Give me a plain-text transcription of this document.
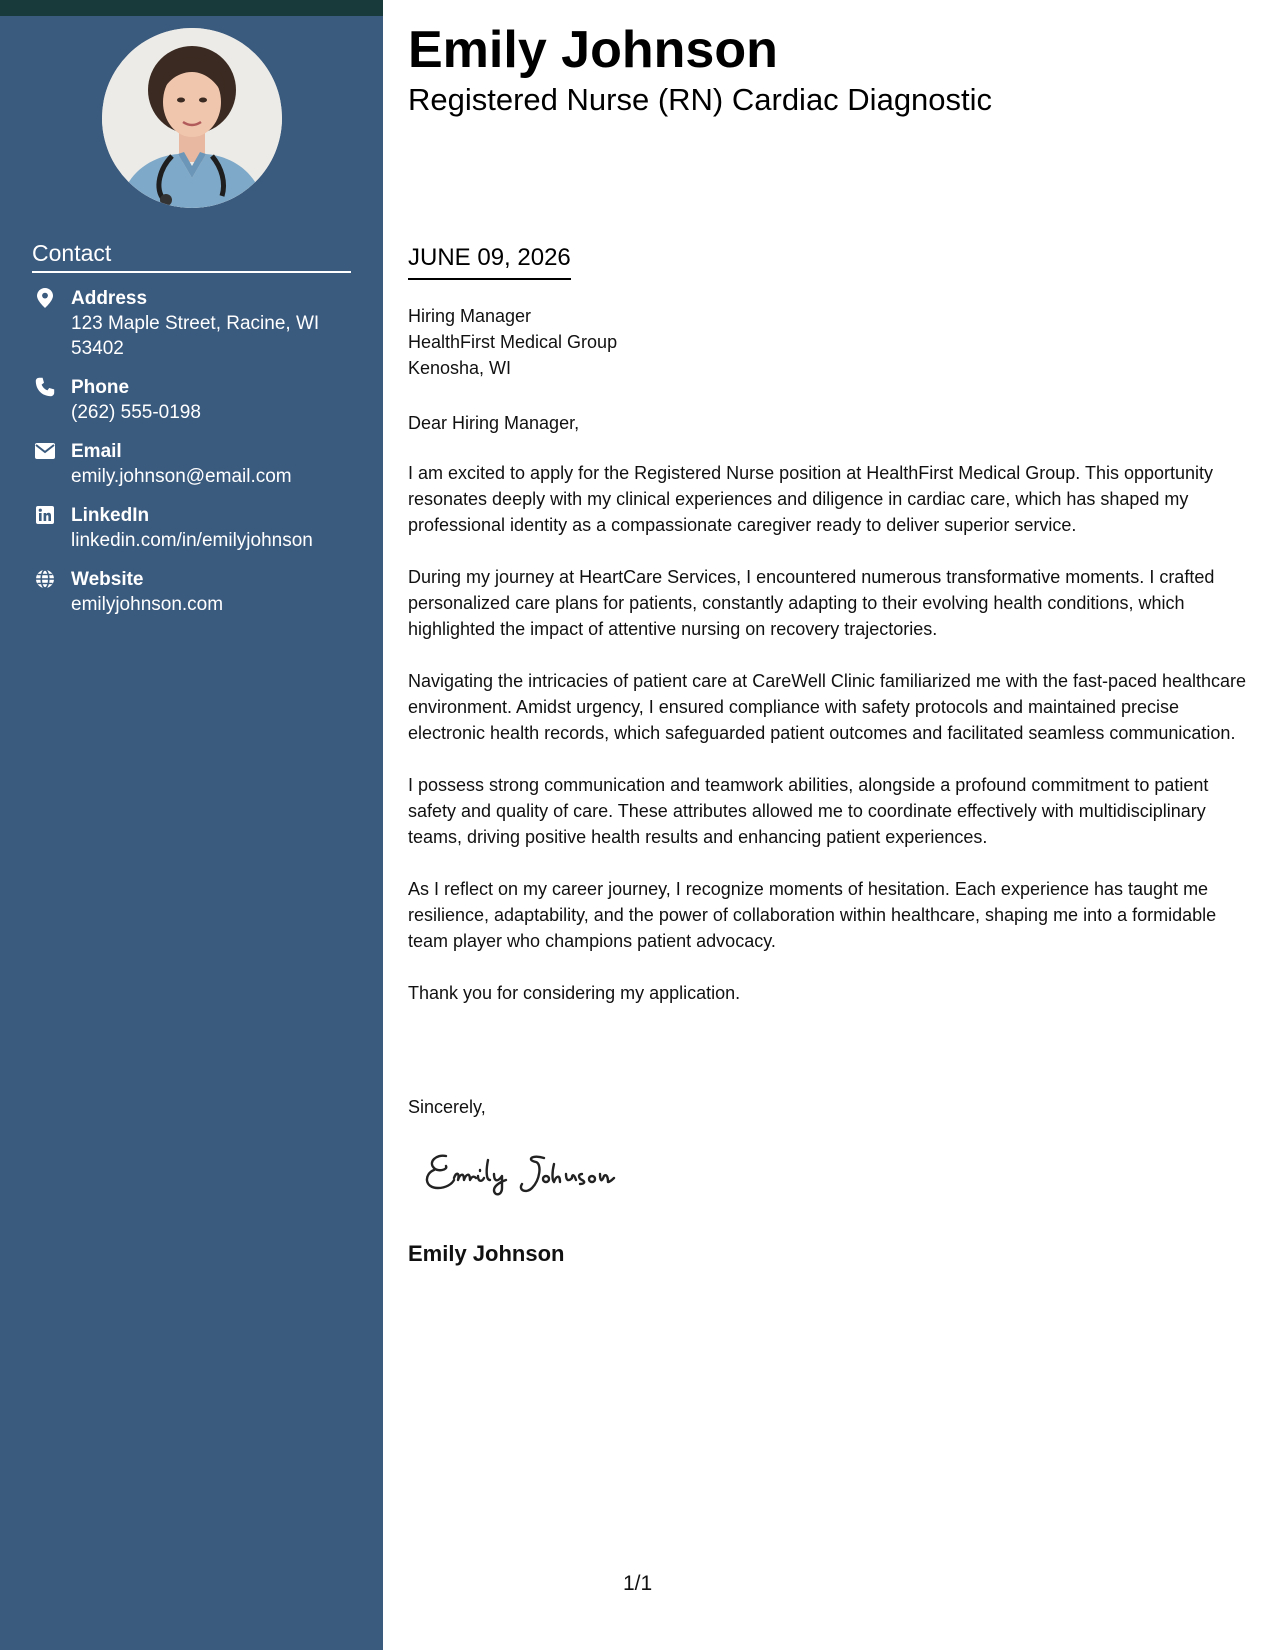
Contact
Address
123 Maple Street, Racine, WI 53402
Phone
(262) 555-0198
Email
emily.johnson@email.com
LinkedIn
linkedin.com/in/emilyjohnson
Website
emilyjohnson.com
Emily Johnson
Registered Nurse (RN) Cardiac Diagnostic
JUNE 09, 2026
Hiring Manager
HealthFirst Medical Group
Kenosha, WI

Dear Hiring Manager,

I am excited to apply for the Registered Nurse position at HealthFirst Medical Group. This opportunity resonates deeply with my clinical experiences and diligence in cardiac care, which has shaped my professional identity as a compassionate caregiver ready to deliver superior service.

During my journey at HeartCare Services, I encountered numerous transformative moments. I crafted personalized care plans for patients, constantly adapting to their evolving health conditions, which highlighted the impact of attentive nursing on recovery trajectories.

Navigating the intricacies of patient care at CareWell Clinic familiarized me with the fast-paced healthcare environment. Amidst urgency, I ensured compliance with safety protocols and maintained precise electronic health records, which safeguarded patient outcomes and facilitated seamless communication.

I possess strong communication and teamwork abilities, alongside a profound commitment to patient safety and quality of care. These attributes allowed me to coordinate effectively with multidisciplinary teams, driving positive health results and enhancing patient experiences.

As I reflect on my career journey, I recognize moments of hesitation. Each experience has taught me resilience, adaptability, and the power of collaboration within healthcare, shaping me into a formidable team player who champions patient advocacy.

Thank you for considering my application.

Sincerely,
Emily Johnson
1/1
